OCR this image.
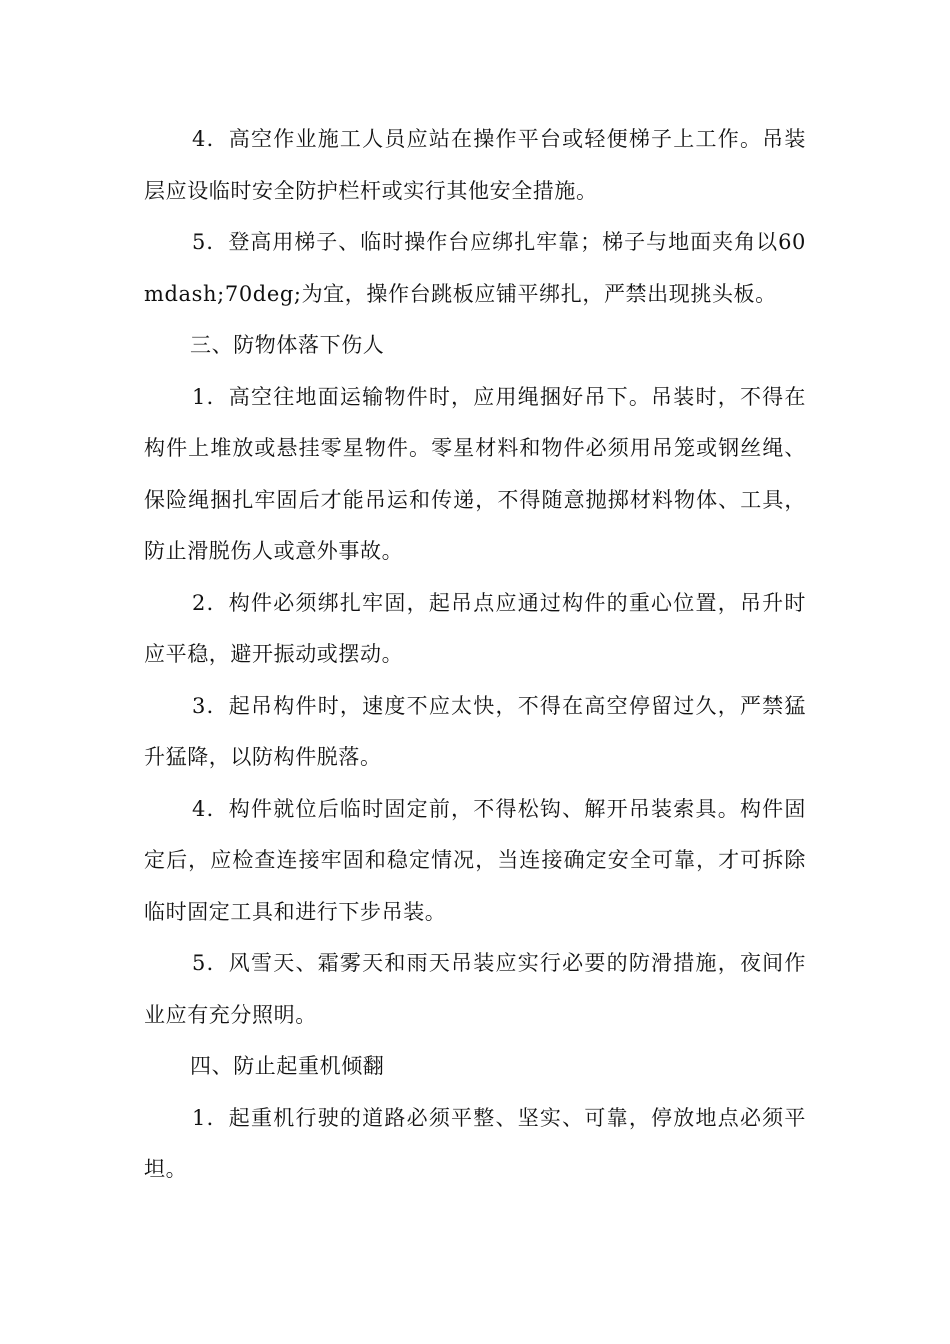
4．高空作业施工人员应站在操作平台或轻便梯子上工作。吊装层应设临时安全防护栏杆或实行其他安全措施。

5．登高用梯子、临时操作台应绑扎牢靠；梯子与地面夹角以60mdash;70deg;为宜，操作台跳板应铺平绑扎，严禁出现挑头板。

三、防物体落下伤人

1．高空往地面运输物件时，应用绳捆好吊下。吊装时，不得在构件上堆放或悬挂零星物件。零星材料和物件必须用吊笼或钢丝绳、保险绳捆扎牢固后才能吊运和传递，不得随意抛掷材料物体、工具，防止滑脱伤人或意外事故。

2．构件必须绑扎牢固，起吊点应通过构件的重心位置，吊升时应平稳，避开振动或摆动。

3．起吊构件时，速度不应太快，不得在高空停留过久，严禁猛升猛降，以防构件脱落。

4．构件就位后临时固定前，不得松钩、解开吊装索具。构件固定后，应检查连接牢固和稳定情况，当连接确定安全可靠，才可拆除临时固定工具和进行下步吊装。

5．风雪天、霜雾天和雨天吊装应实行必要的防滑措施，夜间作业应有充分照明。

四、防止起重机倾翻

1．起重机行驶的道路必须平整、坚实、可靠，停放地点必须平坦。
